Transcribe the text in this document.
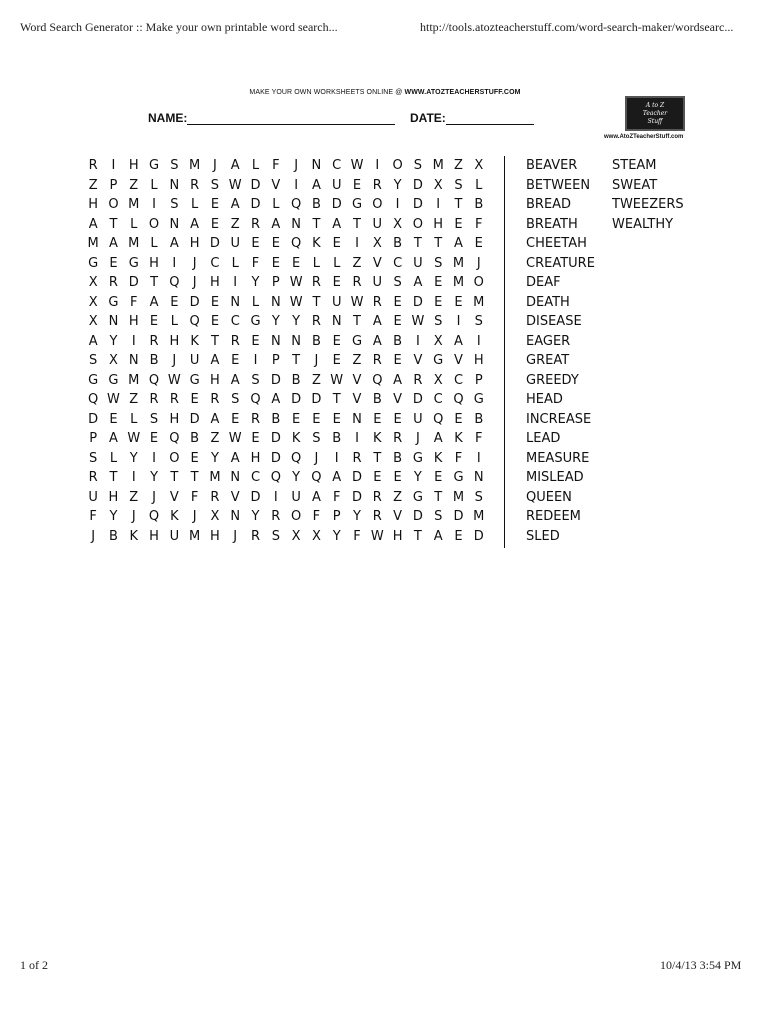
Word Search Generator :: Make your own printable word search...	http://tools.atozteacherstuff.com/word-search-maker/wordsearc...
MAKE YOUR OWN WORKSHEETS ONLINE @ WWW.ATOZTEACHERSTUFF.COM
NAME:	DATE:
A to Z
Teacher
Stuff
www.AtoZTeacherStuff.com
R	I	H G S M J	A L F	J	N C W I	O S M Z X
Z P Z L N R S W D V	I	A U E R Y D X S L
H O M I	S L E A D L Q B D G O	I	D	I	T B
A T L O N A E Z R A N T A T U X O H E F
M A M L A H D U E E Q K E	I	X B T T A E
G E G H	I	J	C L F E E L	L Z V C U S M J
X R D T Q	J	H	I	Y P W R E R U S A E M O
X G F A E D E N L N W T U W R E D E E M
X N H E L Q E C G Y Y R N T A E W S	I	S
A Y	I	R H K T R E N N B E G A B	I	X A	I
S X N B	J	U A E	I	P T	J	E Z R E V G V H
G G M Q W G H A S D B Z W V Q A R X C P
Q W Z R R E R S Q A D D T V B V D C Q G
D E L S H D A E R B E E E N E E U Q E B
P A W E Q B Z W E D K S B	I	K R	J	A K F
S L Y	I	O E Y A H D Q	J	I	R T B G K F	I
R T	I	Y T T M N C Q Y Q A D E E Y E G N
U H Z	J	V F R V D	I	U A F D R Z G T M S
F Y	J	Q K	J	X N Y R O F P Y R V D S D M
J	B K H U M H	J	R S X X Y F W H T A E D
BEAVER
BETWEEN
BREAD
BREATH
CHEETAH
CREATURE
DEAF
DEATH
DISEASE
EAGER
GREAT
GREEDY
HEAD
INCREASE
LEAD
MEASURE
MISLEAD
QUEEN
REDEEM
SLED
STEAM
SWEAT
TWEEZERS
WEALTHY
1 of 2	10/4/13 3:54 PM
